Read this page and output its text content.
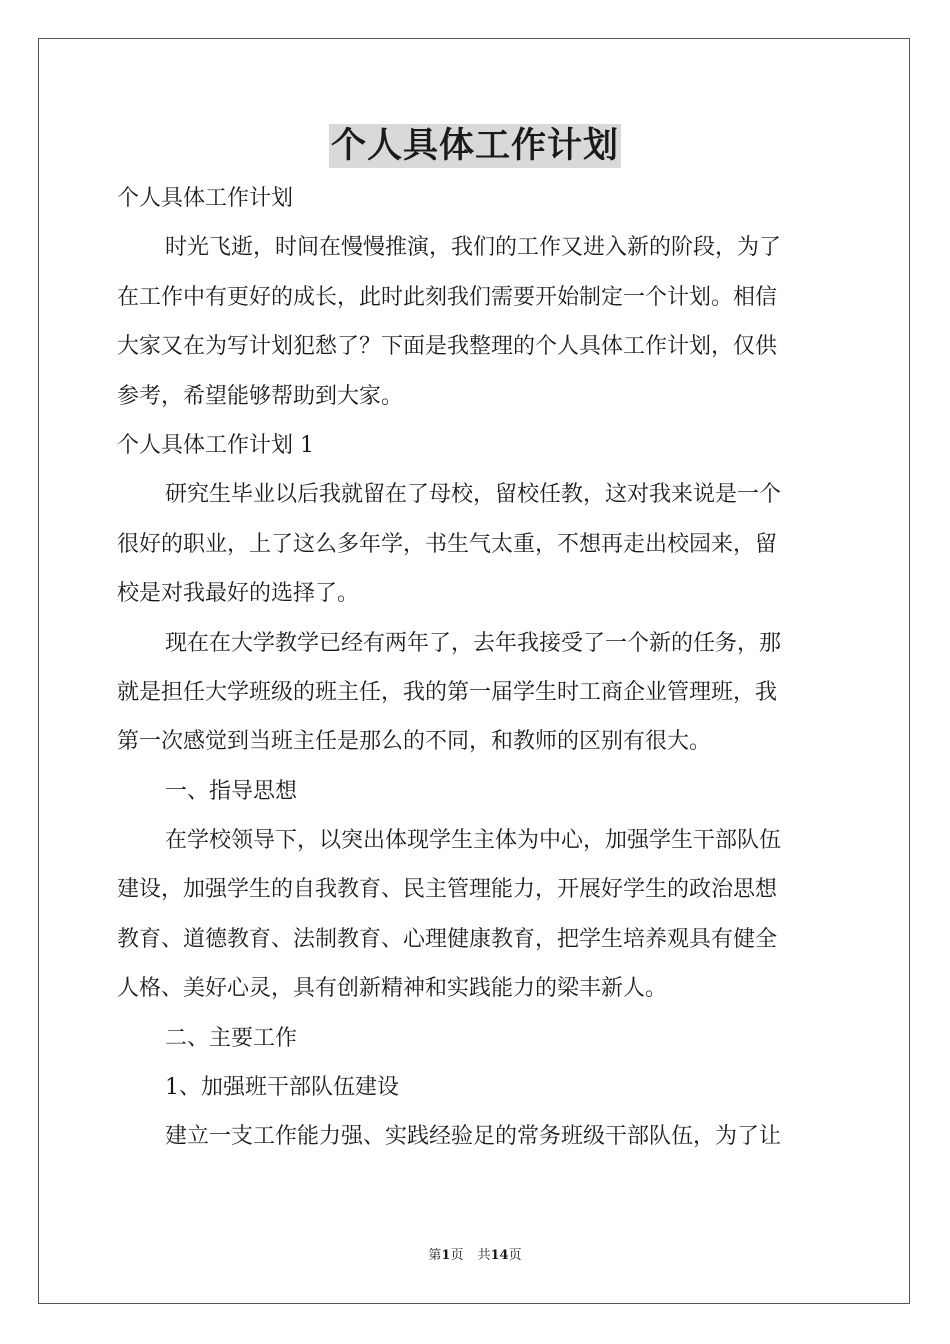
个人具体工作计划
个人具体工作计划
时光飞逝，时间在慢慢推演，我们的工作又进入新的阶段，为了
在工作中有更好的成长，此时此刻我们需要开始制定一个计划。相信
大家又在为写计划犯愁了？下面是我整理的个人具体工作计划，仅供
参考，希望能够帮助到大家。
个人具体工作计划 1
研究生毕业以后我就留在了母校，留校任教，这对我来说是一个
很好的职业，上了这么多年学，书生气太重，不想再走出校园来，留
校是对我最好的选择了。
现在在大学教学已经有两年了，去年我接受了一个新的任务，那
就是担任大学班级的班主任，我的第一届学生时工商企业管理班，我
第一次感觉到当班主任是那么的不同，和教师的区别有很大。
一、指导思想
在学校领导下，以突出体现学生主体为中心，加强学生干部队伍
建设，加强学生的自我教育、民主管理能力，开展好学生的政治思想
教育、道德教育、法制教育、心理健康教育，把学生培养观具有健全
人格、美好心灵，具有创新精神和实践能力的梁丰新人。
二、主要工作
1、加强班干部队伍建设
建立一支工作能力强、实践经验足的常务班级干部队伍，为了让
第1页 共14页
